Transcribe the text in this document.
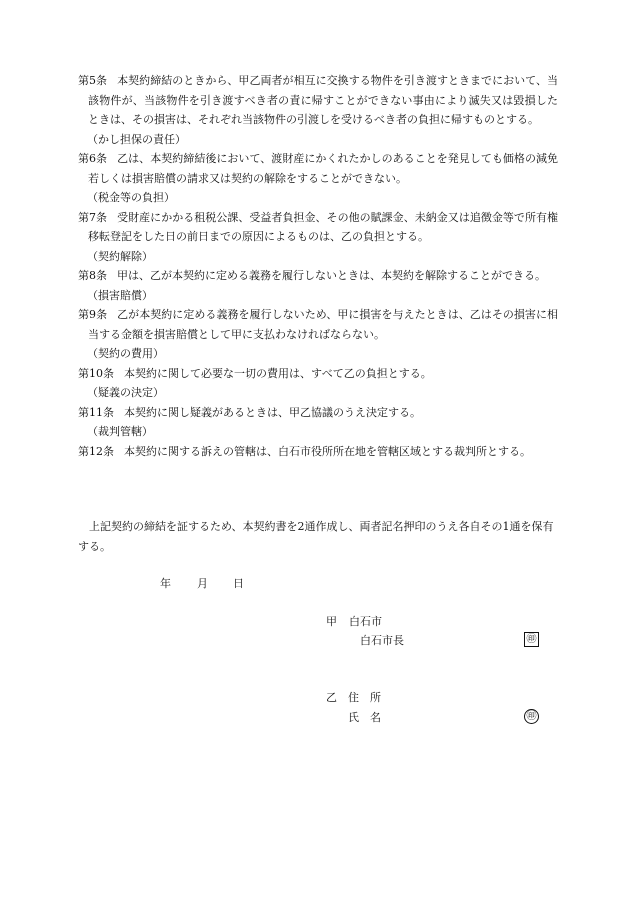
第5条 本契約締結のときから、甲乙両者が相互に交換する物件を引き渡すときまでにおいて、当該物件が、当該物件を引き渡すべき者の責に帰すことができない事由により滅失又は毀損したときは、その損害は、それぞれ当該物件の引渡しを受けるべき者の負担に帰すものとする。
（かし担保の責任）
第6条 乙は、本契約締結後において、渡財産にかくれたかしのあることを発見しても価格の減免若しくは損害賠償の請求又は契約の解除をすることができない。
（税金等の負担）
第7条 受財産にかかる租税公課、受益者負担金、その他の賦課金、未納金又は追徴金等で所有権移転登記をした日の前日までの原因によるものは、乙の負担とする。
（契約解除）
第8条 甲は、乙が本契約に定める義務を履行しないときは、本契約を解除することができる。
（損害賠償）
第9条 乙が本契約に定める義務を履行しないため、甲に損害を与えたときは、乙はその損害に相当する金額を損害賠償として甲に支払わなければならない。
（契約の費用）
第10条 本契約に関して必要な一切の費用は、すべて乙の負担とする。
（疑義の決定）
第11条 本契約に関し疑義があるときは、甲乙協議のうえ決定する。
（裁判管轄）
第12条 本契約に関する訴えの管轄は、白石市役所所在地を管轄区域とする裁判所とする。
上記契約の締結を証するため、本契約書を2通作成し、両者記名押印のうえ各自その1通を保有する。
年 月 日
甲 白石市
白石市長	㊞
乙 住　所
氏　名	㊞
